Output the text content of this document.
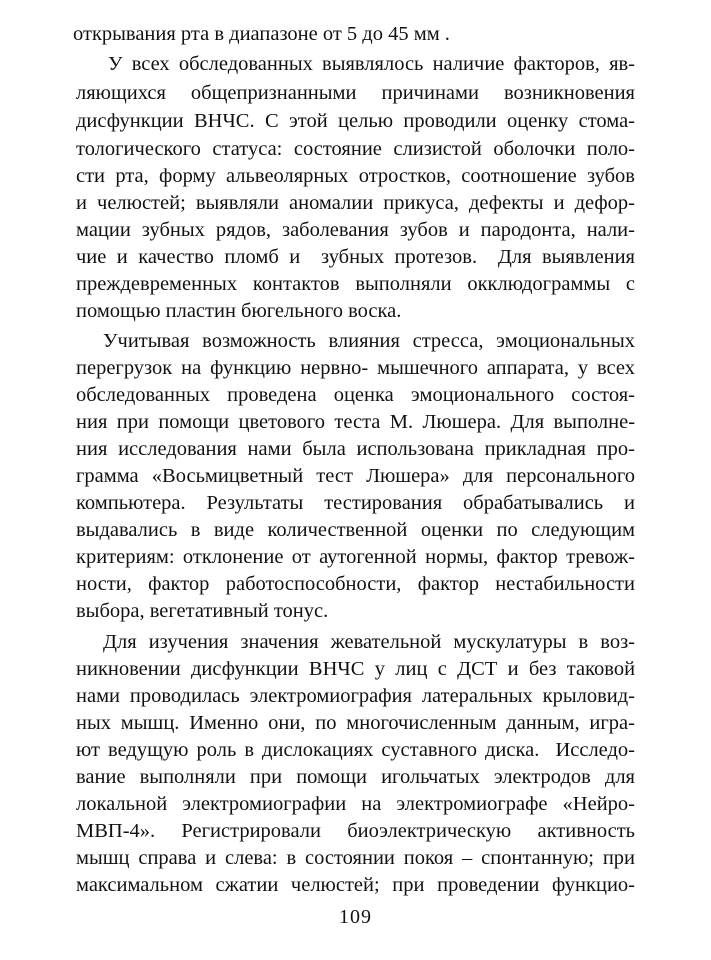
открывания рта в диапазоне от 5 до 45 мм .
У всех обследованных выявлялось наличие факторов, яв-
ляющихся общепризнанными причинами возникновения
дисфункции ВНЧС. С этой целью проводили оценку стома-
тологического статуса: состояние слизистой оболочки поло-
сти рта, форму альвеолярных отростков, соотношение зубов
и челюстей; выявляли аномалии прикуса, дефекты и дефор-
мации зубных рядов, заболевания зубов и пародонта, нали-
чие и качество пломб и  зубных протезов.  Для выявления
преждевременных контактов выполняли окклюдограммы с
помощью пластин бюгельного воска.
Учитывая возможность влияния стресса, эмоциональных
перегрузок на функцию нервно- мышечного аппарата, у всех
обследованных проведена оценка эмоционального состоя-
ния при помощи цветового теста М. Люшера. Для выполне-
ния исследования нами была использована прикладная про-
грамма «Восьмицветный тест Люшера» для персонального
компьютера. Результаты тестирования обрабатывались и
выдавались в виде количественной оценки по следующим
критериям: отклонение от аутогенной нормы, фактор тревож-
ности, фактор работоспособности, фактор нестабильности
выбора, вегетативный тонус.
Для изучения значения жевательной мускулатуры в воз-
никновении дисфункции ВНЧС у лиц с ДСТ и без таковой
нами проводилась электромиография латеральных крыловид-
ных мышц. Именно они, по многочисленным данным, игра-
ют ведущую роль в дислокациях суставного диска.  Исследо-
вание выполняли при помощи игольчатых электродов для
локальной электромиографии на электромиографе «Нейро-
МВП-4». Регистрировали биоэлектрическую активность
мышц справа и слева: в состоянии покоя – спонтанную; при
максимальном сжатии челюстей; при проведении функцио-
109
